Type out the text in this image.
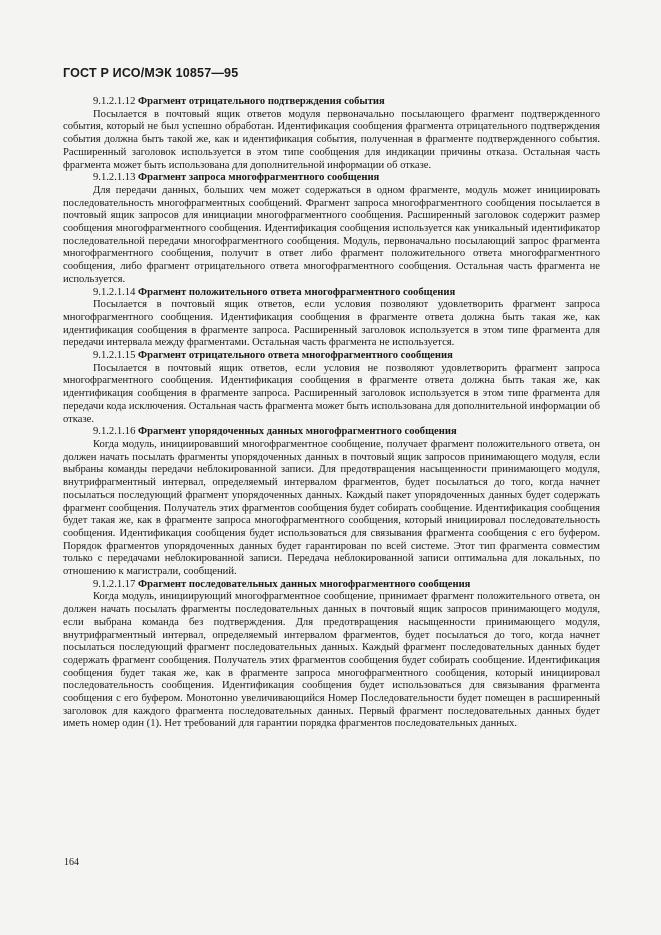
ГОСТ Р ИСО/МЭК 10857—95

9.1.2.1.12 Фрагмент отрицательного подтверждения события

Посылается в почтовый ящик ответов модуля первоначально посылающего фрагмент подтвержденного события, который не был успешно обработан. Идентификация сообщения фрагмента отрицательного подтверждения события должна быть такой же, как и идентификация события, полученная в фрагменте подтвержденного события. Расширенный заголовок используется в этом типе сообщения для индикации причины отказа. Остальная часть фрагмента может быть использована для дополнительной информации об отказе.

9.1.2.1.13 Фрагмент запроса многофрагментного сообщения

Для передачи данных, больших чем может содержаться в одном фрагменте, модуль может инициировать последовательность многофрагментных сообщений. Фрагмент запроса многофрагментного сообщения посылается в почтовый ящик запросов для инициации многофрагментного сообщения. Расширенный заголовок содержит размер сообщения многофрагментного сообщения. Идентификация сообщения используется как уникальный идентификатор последовательной передачи многофрагментного сообщения. Модуль, первоначально посылающий запрос фрагмента многофрагментного сообщения, получит в ответ либо фрагмент положительного ответа многофрагментного сообщения, либо фрагмент отрицательного ответа многофрагментного сообщения. Остальная часть фрагмента не используется.

9.1.2.1.14 Фрагмент положительного ответа многофрагментного сообщения

Посылается в почтовый ящик ответов, если условия позволяют удовлетворить фрагмент запроса многофрагментного сообщения. Идентификация сообщения в фрагменте ответа должна быть такая же, как идентификация сообщения в фрагменте запроса. Расширенный заголовок используется в этом типе фрагмента для передачи интервала между фрагментами. Остальная часть фрагмента не используется.

9.1.2.1.15 Фрагмент отрицательного ответа многофрагментного сообщения

Посылается в почтовый ящик ответов, если условия не позволяют удовлетворить фрагмент запроса многофрагментного сообщения. Идентификация сообщения в фрагменте ответа должна быть такая же, как идентификация сообщения в фрагменте запроса. Расширенный заголовок используется в этом типе фрагмента для передачи кода исключения. Остальная часть фрагмента может быть использована для дополнительной информации об отказе.

9.1.2.1.16 Фрагмент упорядоченных данных многофрагментного сообщения

Когда модуль, инициировавший многофрагментное сообщение, получает фрагмент положительного ответа, он должен начать посылать фрагменты упорядоченных данных в почтовый ящик запросов принимающего модуля, если выбраны команды передачи неблокированной записи. Для предотвращения насыщенности принимающего модуля, внутрифрагментный интервал, определяемый интервалом фрагментов, будет посылаться до того, когда начнет посылаться последующий фрагмент упорядоченных данных. Каждый пакет упорядоченных данных будет содержать фрагмент сообщения. Получатель этих фрагментов сообщения будет собирать сообщение. Идентификация сообщения будет такая же, как в фрагменте запроса многофрагментного сообщения, который инициировал последовательность сообщения. Идентификация сообщения будет использоваться для связывания фрагмента сообщения с его буфером. Порядок фрагментов упорядоченных данных будет гарантирован по всей системе. Этот тип фрагмента совместим только с передачами неблокированной записи. Передача неблокированной записи оптимальна для локальных, по отношению к магистрали, сообщений.

9.1.2.1.17 Фрагмент последовательных данных многофрагментного сообщения

Когда модуль, инициирующий многофрагментное сообщение, принимает фрагмент положительного ответа, он должен начать посылать фрагменты последовательных данных в почтовый ящик запросов принимающего модуля, если выбрана команда без подтверждения. Для предотвращения насыщенности принимающего модуля, внутрифрагментный интервал, определяемый интервалом фрагментов, будет посылаться до того, когда начнет посылаться последующий фрагмент последовательных данных. Каждый фрагмент последовательных данных будет содержать фрагмент сообщения. Получатель этих фрагментов сообщения будет собирать сообщение. Идентификация сообщения будет такая же, как в фрагменте запроса многофрагментного сообщения, который инициировал последовательность сообщения. Идентификация сообщения будет использоваться для связывания фрагмента сообщения с его буфером. Монотонно увеличивающийся Номер Последовательности будет помещен в расширенный заголовок для каждого фрагмента последовательных данных. Первый фрагмент последовательных данных будет иметь номер один (1). Нет требований для гарантии порядка фрагментов последовательных данных.

164
